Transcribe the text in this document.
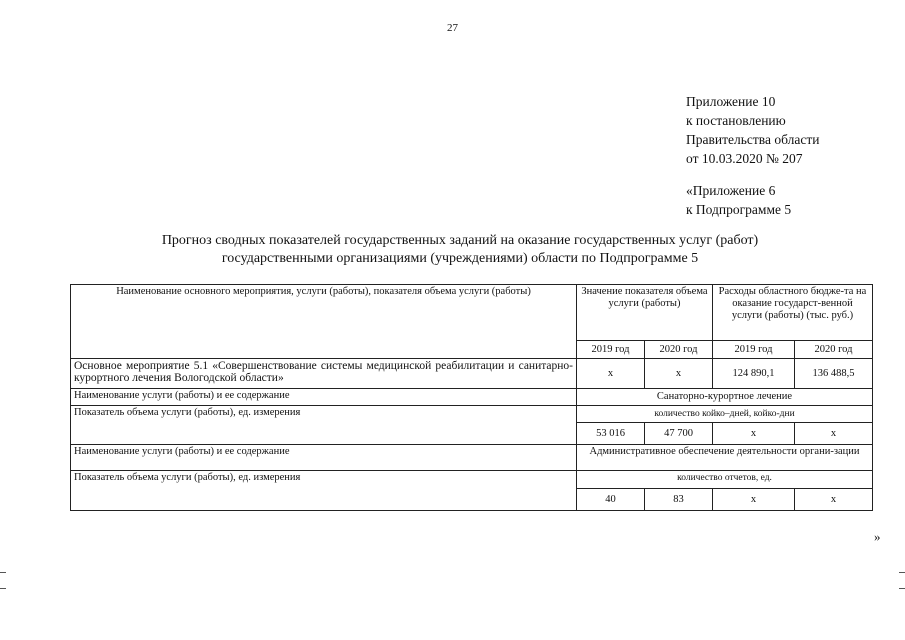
27
Приложение 10
к постановлению
Правительства области
от 10.03.2020 № 207
«Приложение 6
к Подпрограмме 5
Прогноз сводных показателей государственных заданий на оказание государственных услуг (работ)
государственными организациями (учреждениями) области по Подпрограмме 5
Наименование основного мероприятия, услуги (работы), показателя объема услуги (работы)	Значение показателя объема услуги (работы)		Расходы областного бюдже-та на оказание государст-венной услуги (работы) (тыс. руб.)	
	2019 год	2020 год	2019 год	2020 год
Основное мероприятие 5.1 «Совершенствование системы медицинской реабилитации и санитарно-курортного лечения Вологодской области»	х	х	124 890,1	136 488,5
Наименование услуги (работы) и ее содержание	Санаторно-курортное лечение			
Показатель объема услуги (работы), ед. измерения	количество койко–дней, койко-дни			
	53 016	47 700	х	х
Наименование услуги (работы) и ее содержание	Административное обеспечение деятельности органи-зации			
Показатель объема услуги (работы), ед. измерения	количество отчетов, ед.			
	40	83	х	х
»
